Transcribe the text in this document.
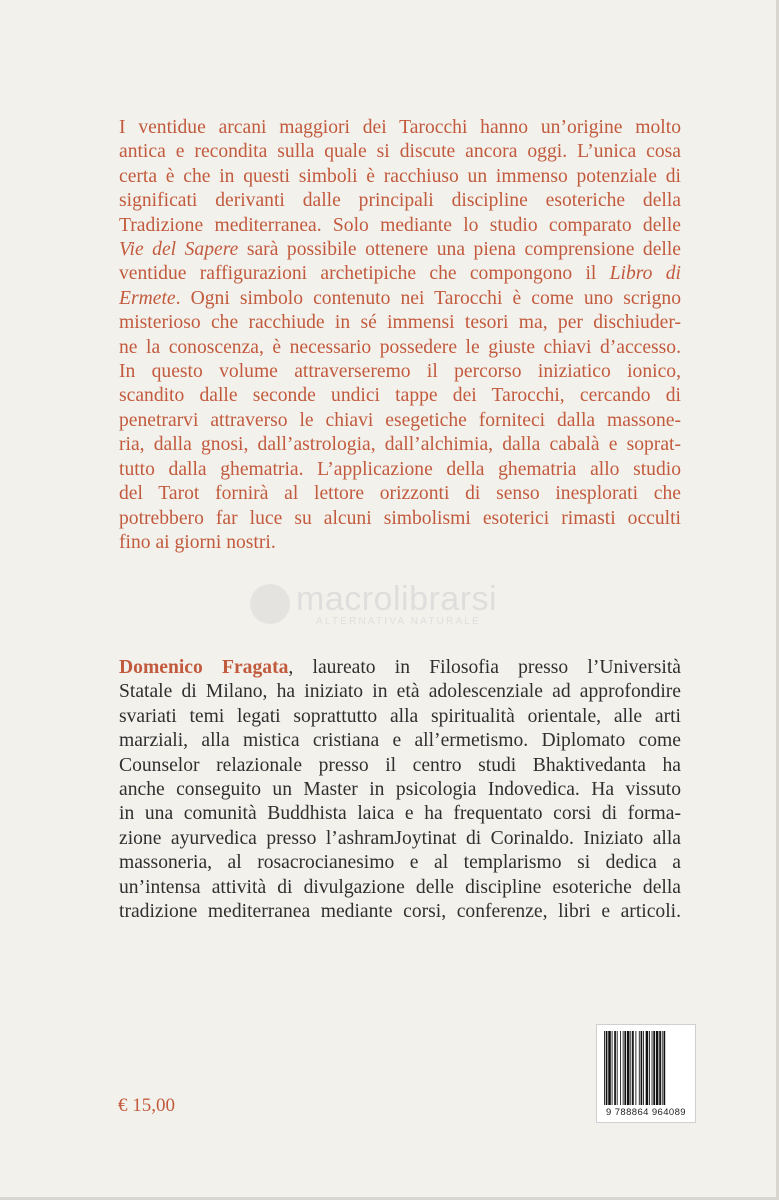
I ventidue arcani maggiori dei Tarocchi hanno un’origine molto
antica e recondita sulla quale si discute ancora oggi. L’unica cosa
certa è che in questi simboli è racchiuso un immenso potenziale di
significati derivanti dalle principali discipline esoteriche della
Tradizione mediterranea. Solo mediante lo studio comparato delle
Vie del Sapere sarà possibile ottenere una piena comprensione delle
ventidue raffigurazioni archetipiche che compongono il Libro di
Ermete. Ogni simbolo contenuto nei Tarocchi è come uno scrigno
misterioso che racchiude in sé immensi tesori ma, per dischiuder-
ne la conoscenza, è necessario possedere le giuste chiavi d’accesso.
In questo volume attraverseremo il percorso iniziatico ionico,
scandito dalle seconde undici tappe dei Tarocchi, cercando di
penetrarvi attraverso le chiavi esegetiche forniteci dalla massone-
ria, dalla gnosi, dall’astrologia, dall’alchimia, dalla cabalà e soprat-
tutto dalla ghematria. L’applicazione della ghematria allo studio
del Tarot fornirà al lettore orizzonti di senso inesplorati che
potrebbero far luce su alcuni simbolismi esoterici rimasti occulti
fino ai giorni nostri.
macrolibrarsi
ALTERNATIVA NATURALE
Domenico Fragata, laureato in Filosofia presso l’Università
Statale di Milano, ha iniziato in età adolescenziale ad approfondire
svariati temi legati soprattutto alla spiritualità orientale, alle arti
marziali, alla mistica cristiana e all’ermetismo. Diplomato come
Counselor relazionale presso il centro studi Bhaktivedanta ha
anche conseguito un Master in psicologia Indovedica. Ha vissuto
in una comunità Buddhista laica e ha frequentato corsi di forma-
zione ayurvedica presso l’ashramJoytinat di Corinaldo. Iniziato alla
massoneria, al rosacrocianesimo e al templarismo si dedica a
un’intensa attività di divulgazione delle discipline esoteriche della
tradizione mediterranea mediante corsi, conferenze, libri e articoli.
€ 15,00	9 788864 964089
